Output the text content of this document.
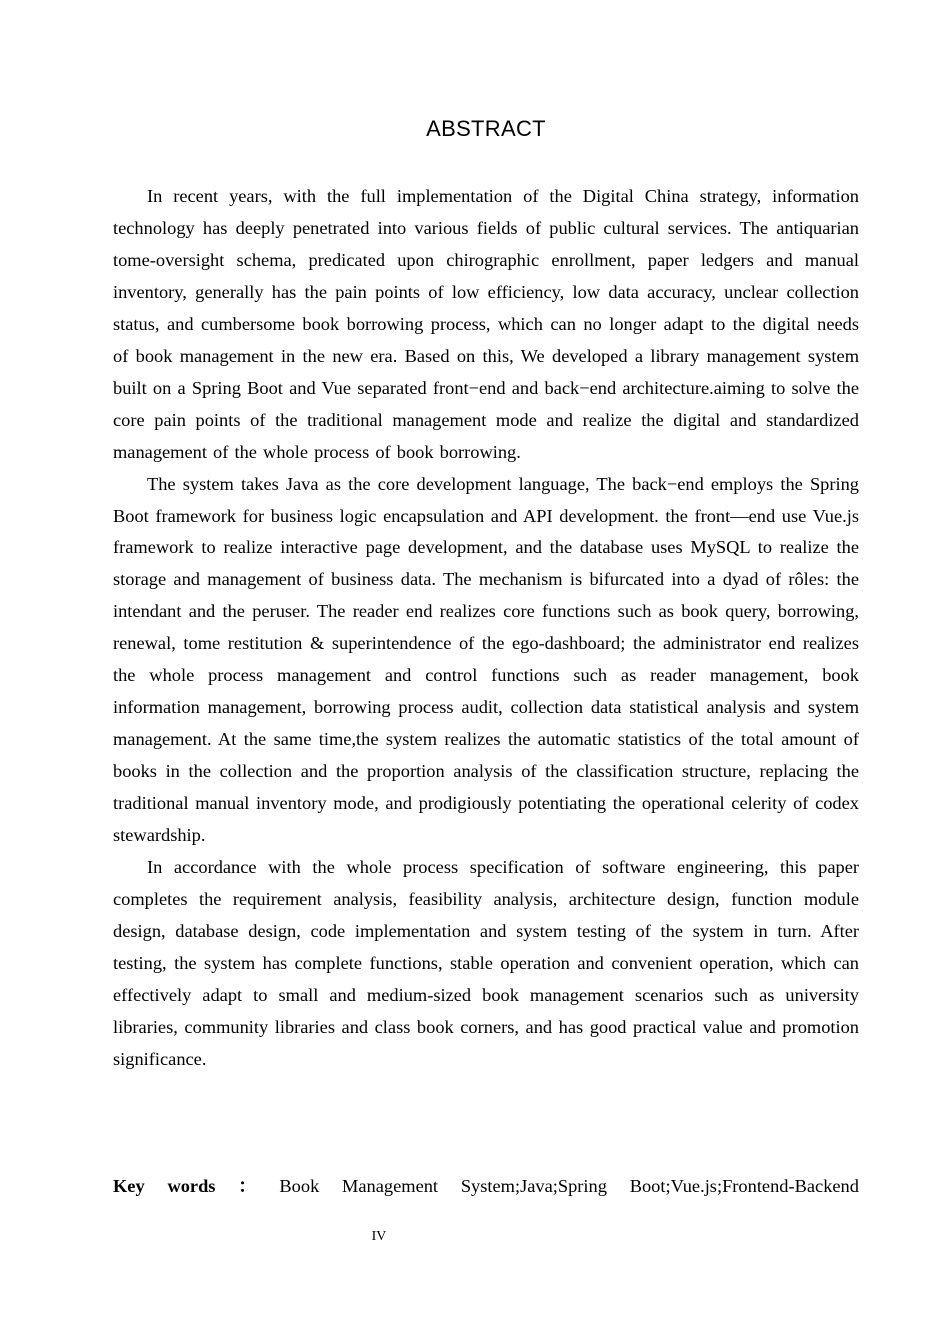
ABSTRACT

In recent years, with the full implementation of the Digital China strategy, information technology has deeply penetrated into various fields of public cultural services. The antiquarian tome-oversight schema, predicated upon chirographic enrollment, paper ledgers and manual inventory, generally has the pain points of low efficiency, low data accuracy, unclear collection status, and cumbersome book borrowing process, which can no longer adapt to the digital needs of book management in the new era. Based on this, We developed a library management system built on a Spring Boot and Vue separated front−end and back−end architecture.aiming to solve the core pain points of the traditional management mode and realize the digital and standardized management of the whole process of book borrowing.

The system takes Java as the core development language, The back−end employs the Spring Boot framework for business logic encapsulation and API development. the front—end use Vue.js framework to realize interactive page development, and the database uses MySQL to realize the storage and management of business data. The mechanism is bifurcated into a dyad of rôles: the intendant and the peruser. The reader end realizes core functions such as book query, borrowing, renewal, tome restitution & superintendence of the ego-dashboard; the administrator end realizes the whole process management and control functions such as reader management, book information management, borrowing process audit, collection data statistical analysis and system management. At the same time,the system realizes the automatic statistics of the total amount of books in the collection and the proportion analysis of the classification structure, replacing the traditional manual inventory mode, and prodigiously potentiating the operational celerity of codex stewardship.

In accordance with the whole process specification of software engineering, this paper completes the requirement analysis, feasibility analysis, architecture design, function module design, database design, code implementation and system testing of the system in turn. After testing, the system has complete functions, stable operation and convenient operation, which can effectively adapt to small and medium-sized book management scenarios such as university libraries, community libraries and class book corners, and has good practical value and promotion significance.

Key words ： Book Management System;Java;Spring Boot;Vue.js;Frontend-Backend
IV
